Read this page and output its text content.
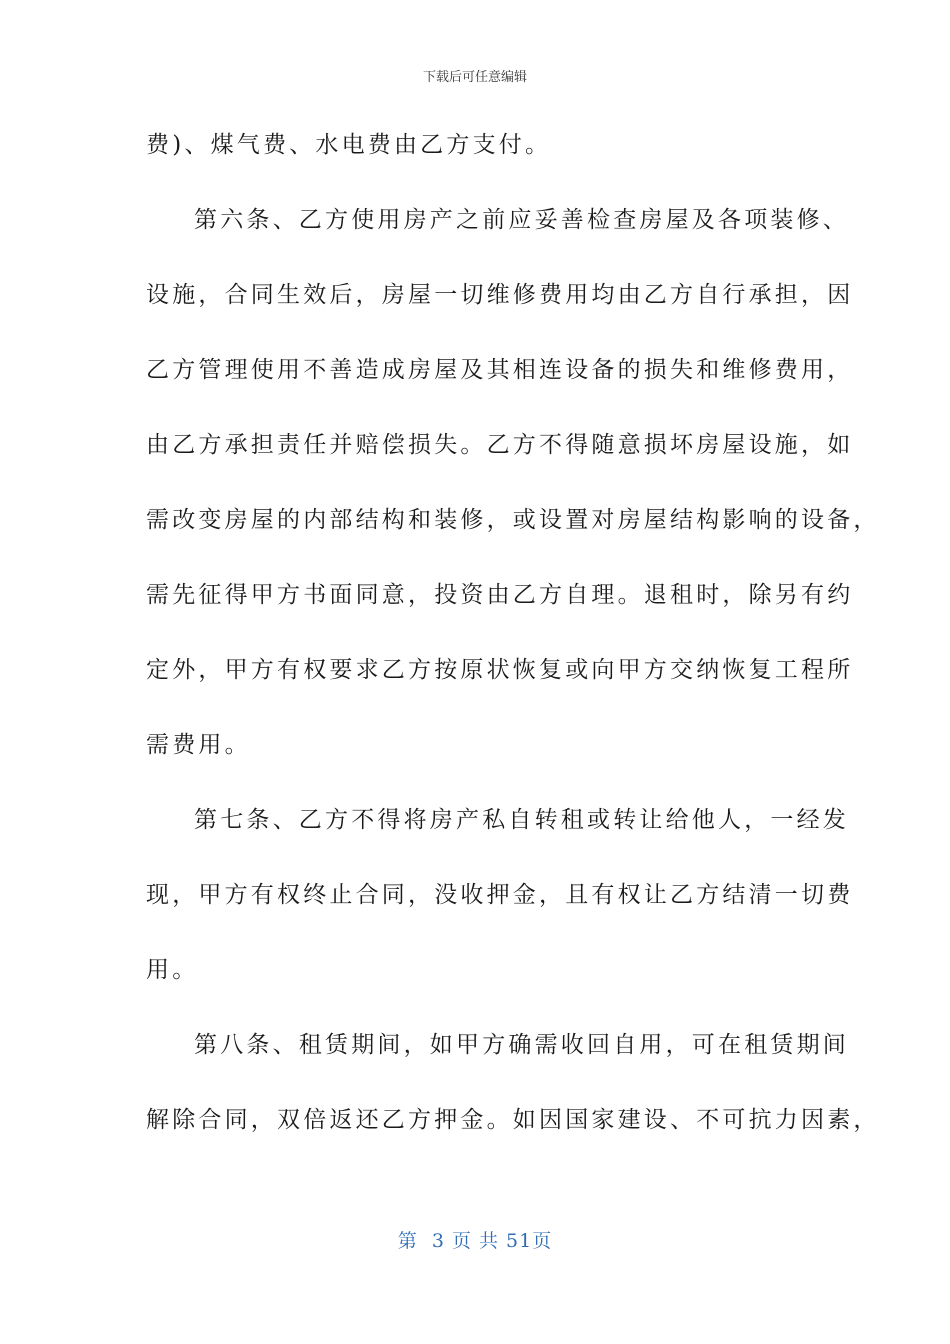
下载后可任意编辑
费)、煤气费、水电费由乙方支付。
第六条、乙方使用房产之前应妥善检查房屋及各项装修、
设施，合同生效后，房屋一切维修费用均由乙方自行承担，因
乙方管理使用不善造成房屋及其相连设备的损失和维修费用，
由乙方承担责任并赔偿损失。乙方不得随意损坏房屋设施，如
需改变房屋的内部结构和装修，或设置对房屋结构影响的设备，
需先征得甲方书面同意，投资由乙方自理。退租时，除另有约
定外，甲方有权要求乙方按原状恢复或向甲方交纳恢复工程所
需费用。
第七条、乙方不得将房产私自转租或转让给他人，一经发
现，甲方有权终止合同，没收押金，且有权让乙方结清一切费
用。
第八条、租赁期间，如甲方确需收回自用，可在租赁期间
解除合同，双倍返还乙方押金。如因国家建设、不可抗力因素，
第  3 页 共 51页
